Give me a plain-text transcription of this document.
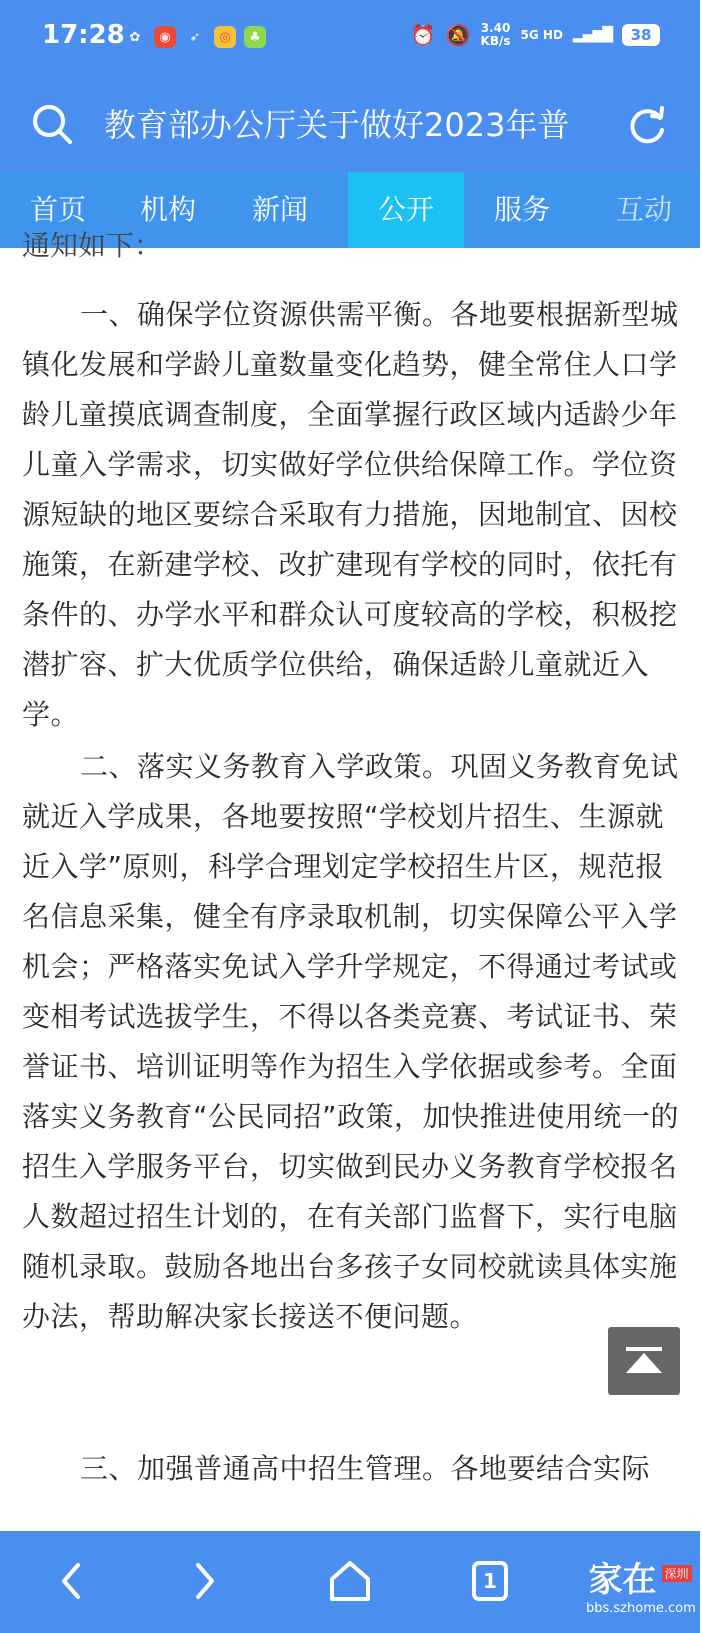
17:28 ✿	◉	➶	◎	♣	⏰ 🔕 3.40
KB/s 5G HD ▂▄▆█	38
教育部办公厅关于做好2023年普
首页	机构	新闻	公开	服务	互动
通知如下：
一、确保学位资源供需平衡。各地要根据新型城镇化发展和学龄儿童数量变化趋势，健全常住人口学龄儿童摸底调查制度，全面掌握行政区域内适龄少年儿童入学需求，切实做好学位供给保障工作。学位资源短缺的地区要综合采取有力措施，因地制宜、因校施策，在新建学校、改扩建现有学校的同时，依托有条件的、办学水平和群众认可度较高的学校，积极挖潜扩容、扩大优质学位供给，确保适龄儿童就近入学。
二、落实义务教育入学政策。巩固义务教育免试就近入学成果，各地要按照“学校划片招生、生源就近入学”原则，科学合理划定学校招生片区，规范报名信息采集，健全有序录取机制，切实保障公平入学机会；严格落实免试入学升学规定，不得通过考试或变相考试选拔学生，不得以各类竞赛、考试证书、荣誉证书、培训证明等作为招生入学依据或参考。全面落实义务教育“公民同招”政策，加快推进使用统一的招生入学服务平台，切实做到民办义务教育学校报名人数超过招生计划的，在有关部门监督下，实行电脑随机录取。鼓励各地出台多孩子女同校就读具体实施办法，帮助解决家长接送不便问题。
三、加强普通高中招生管理。各地要结合实际
1	家在 深圳
bbs.szhome.com
